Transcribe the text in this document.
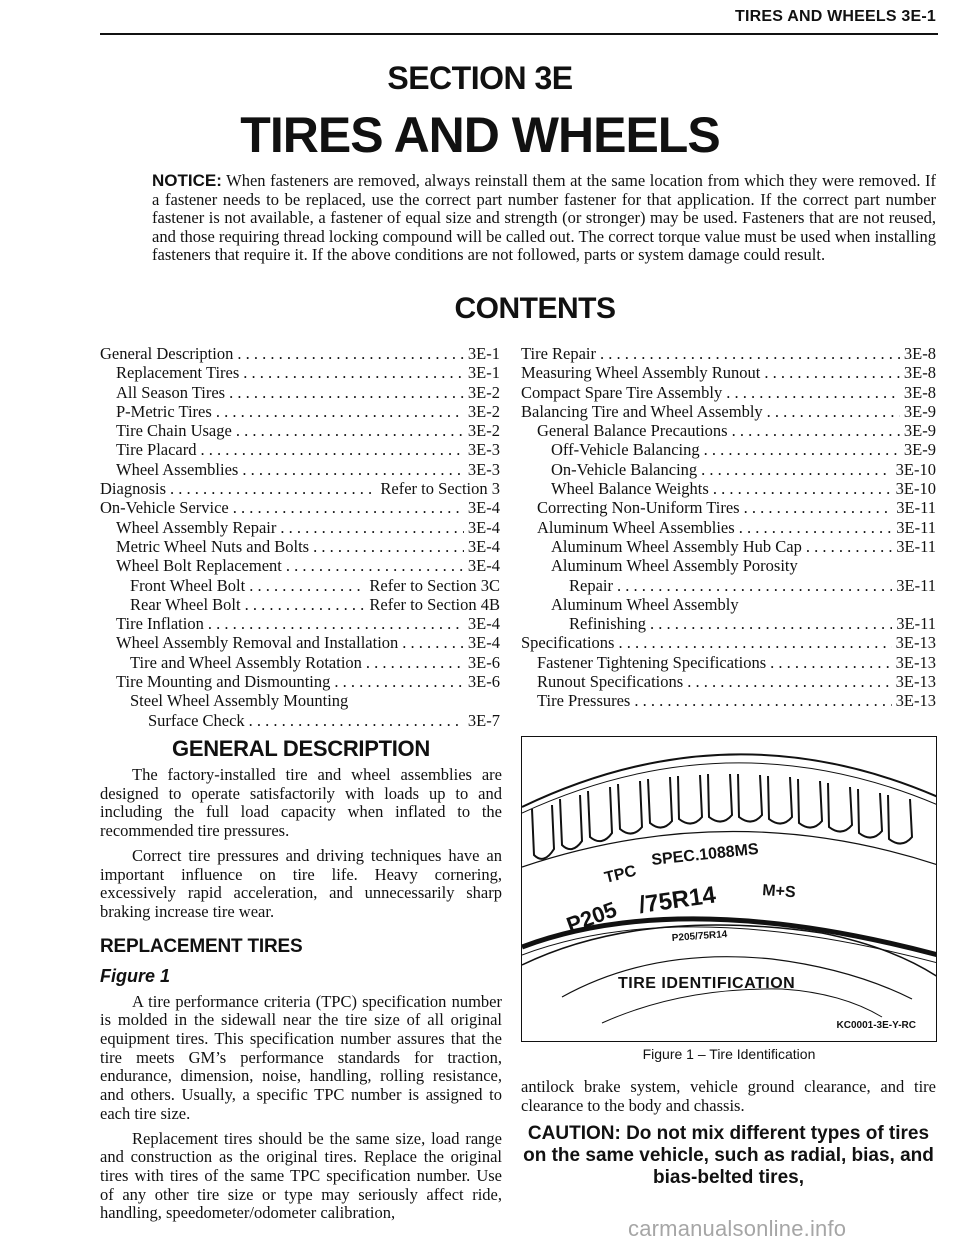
TIRES AND WHEELS 3E-1
SECTION 3E
TIRES AND WHEELS
NOTICE: When fasteners are removed, always reinstall them at the same location from which they were removed. If a fastener needs to be replaced, use the correct part number fastener for that application. If the correct part number fastener is not available, a fastener of equal size and strength (or stronger) may be used. Fasteners that are not reused, and those requiring thread locking compound will be called out. The correct torque value must be used when installing fasteners that require it. If the above conditions are not followed, parts or system damage could result.
CONTENTS
General Description . . .	3E-1
Replacement Tires . . .	3E-1
All Season Tires . . .	3E-2
P-Metric Tires . . .	3E-2
Tire Chain Usage . . .	3E-2
Tire Placard . . .	3E-3
Wheel Assemblies . . .	3E-3
Diagnosis . . .	Refer to Section 3
On-Vehicle Service . . .	3E-4
Wheel Assembly Repair . . .	3E-4
Metric Wheel Nuts and Bolts . . .	3E-4
Wheel Bolt Replacement . . .	3E-4
Front Wheel Bolt . . .	Refer to Section 3C
Rear Wheel Bolt . . .	Refer to Section 4B
Tire Inflation . . .	3E-4
Wheel Assembly Removal and Installation . . .	3E-4
Tire and Wheel Assembly Rotation . . .	3E-6
Tire Mounting and Dismounting . . .	3E-6
Steel Wheel Assembly Mounting
Surface Check . . .	3E-7
Tire Repair . . .	3E-8
Measuring Wheel Assembly Runout . . .	3E-8
Compact Spare Tire Assembly . . .	3E-8
Balancing Tire and Wheel Assembly . . .	3E-9
General Balance Precautions . . .	3E-9
Off-Vehicle Balancing . . .	3E-9
On-Vehicle Balancing . . .	3E-10
Wheel Balance Weights . . .	3E-10
Correcting Non-Uniform Tires . . .	3E-11
Aluminum Wheel Assemblies . . .	3E-11
Aluminum Wheel Assembly Hub Cap . . .	3E-11
Aluminum Wheel Assembly Porosity
Repair . . .	3E-11
Aluminum Wheel Assembly
Refinishing . . .	3E-11
Specifications . . .	3E-13
Fastener Tightening Specifications . . .	3E-13
Runout Specifications . . .	3E-13
Tire Pressures . . .	3E-13
GENERAL DESCRIPTION

The factory-installed tire and wheel assemblies are designed to operate satisfactorily with loads up to and including the full load capacity when inflated to the recommended tire pressures.

Correct tire pressures and driving techniques have an important influence on tire life. Heavy cornering, excessively rapid acceleration, and unnecessarily sharp braking increase tire wear.

REPLACEMENT TIRES
Figure 1

A tire performance criteria (TPC) specification number is molded in the sidewall near the tire size of all original equipment tires. This specification number assures that the tire meets GM’s performance standards for traction, endurance, dimension, noise, handling, rolling resistance, and others. Usually, a specific TPC number is assigned to each tire size.

Replacement tires should be the same size, load range and construction as the original tires. Replace the original tires with tires of the same TPC specification number. Use of any other tire size or type may seriously affect ride, handling, speedometer/odometer calibration,

TPC
SPEC.1088MS
P205 /75R14	M+S
P205/75R14
TIRE IDENTIFICATION
KC0001-3E-Y-RC
Figure 1 – Tire Identification
antilock brake system, vehicle ground clearance, and tire clearance to the body and chassis.
CAUTION: Do not mix different types of tires on the same vehicle, such as radial, bias, and bias-belted tires,
carmanualsonline.info
